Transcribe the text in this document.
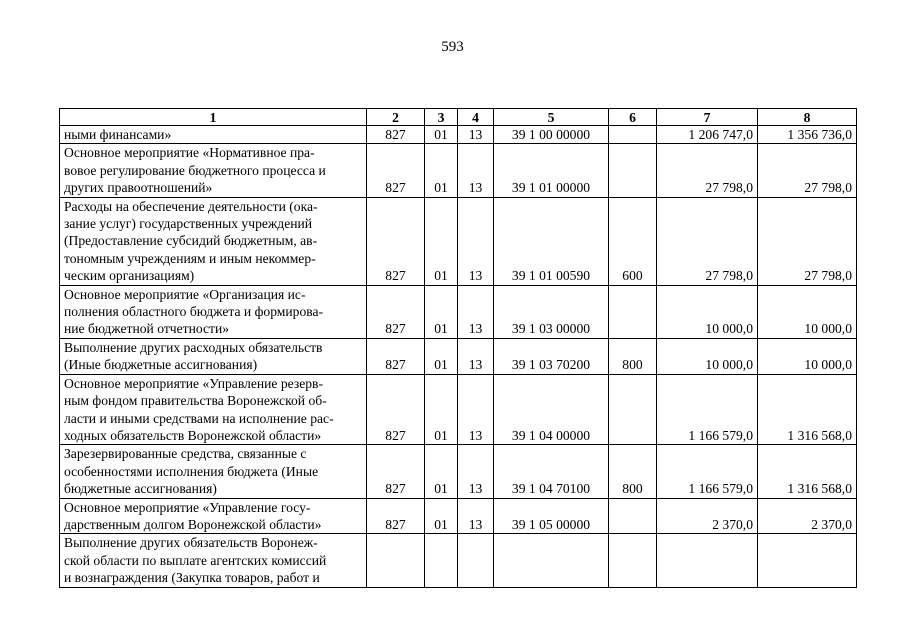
593
1	2	3	4	5	6	7	8
ными финансами»	827	01	13	39 1 00 00000		1 206 747,0	1 356 736,0
Основное мероприятие «Нормативное пра-
вовое регулирование бюджетного процесса и
других правоотношений»	827	01	13	39 1 01 00000		27 798,0	27 798,0
Расходы на обеспечение деятельности (ока-
зание услуг) государственных учреждений
(Предоставление субсидий бюджетным, ав-
тономным учреждениям и иным некоммер-
ческим организациям)	827	01	13	39 1 01 00590	600	27 798,0	27 798,0
Основное мероприятие «Организация ис-
полнения областного бюджета и формирова-
ние бюджетной отчетности»	827	01	13	39 1 03 00000		10 000,0	10 000,0
Выполнение других расходных обязательств
(Иные бюджетные ассигнования)	827	01	13	39 1 03 70200	800	10 000,0	10 000,0
Основное мероприятие «Управление резерв-
ным фондом правительства Воронежской об-
ласти и иными средствами на исполнение рас-
ходных обязательств Воронежской области»	827	01	13	39 1 04 00000		1 166 579,0	1 316 568,0
Зарезервированные средства, связанные с
особенностями исполнения бюджета (Иные
бюджетные ассигнования)	827	01	13	39 1 04 70100	800	1 166 579,0	1 316 568,0
Основное мероприятие «Управление госу-
дарственным долгом Воронежской области»	827	01	13	39 1 05 00000		2 370,0	2 370,0
Выполнение других обязательств Воронеж-
ской области по выплате агентских комиссий
и вознаграждения (Закупка товаров, работ и							
